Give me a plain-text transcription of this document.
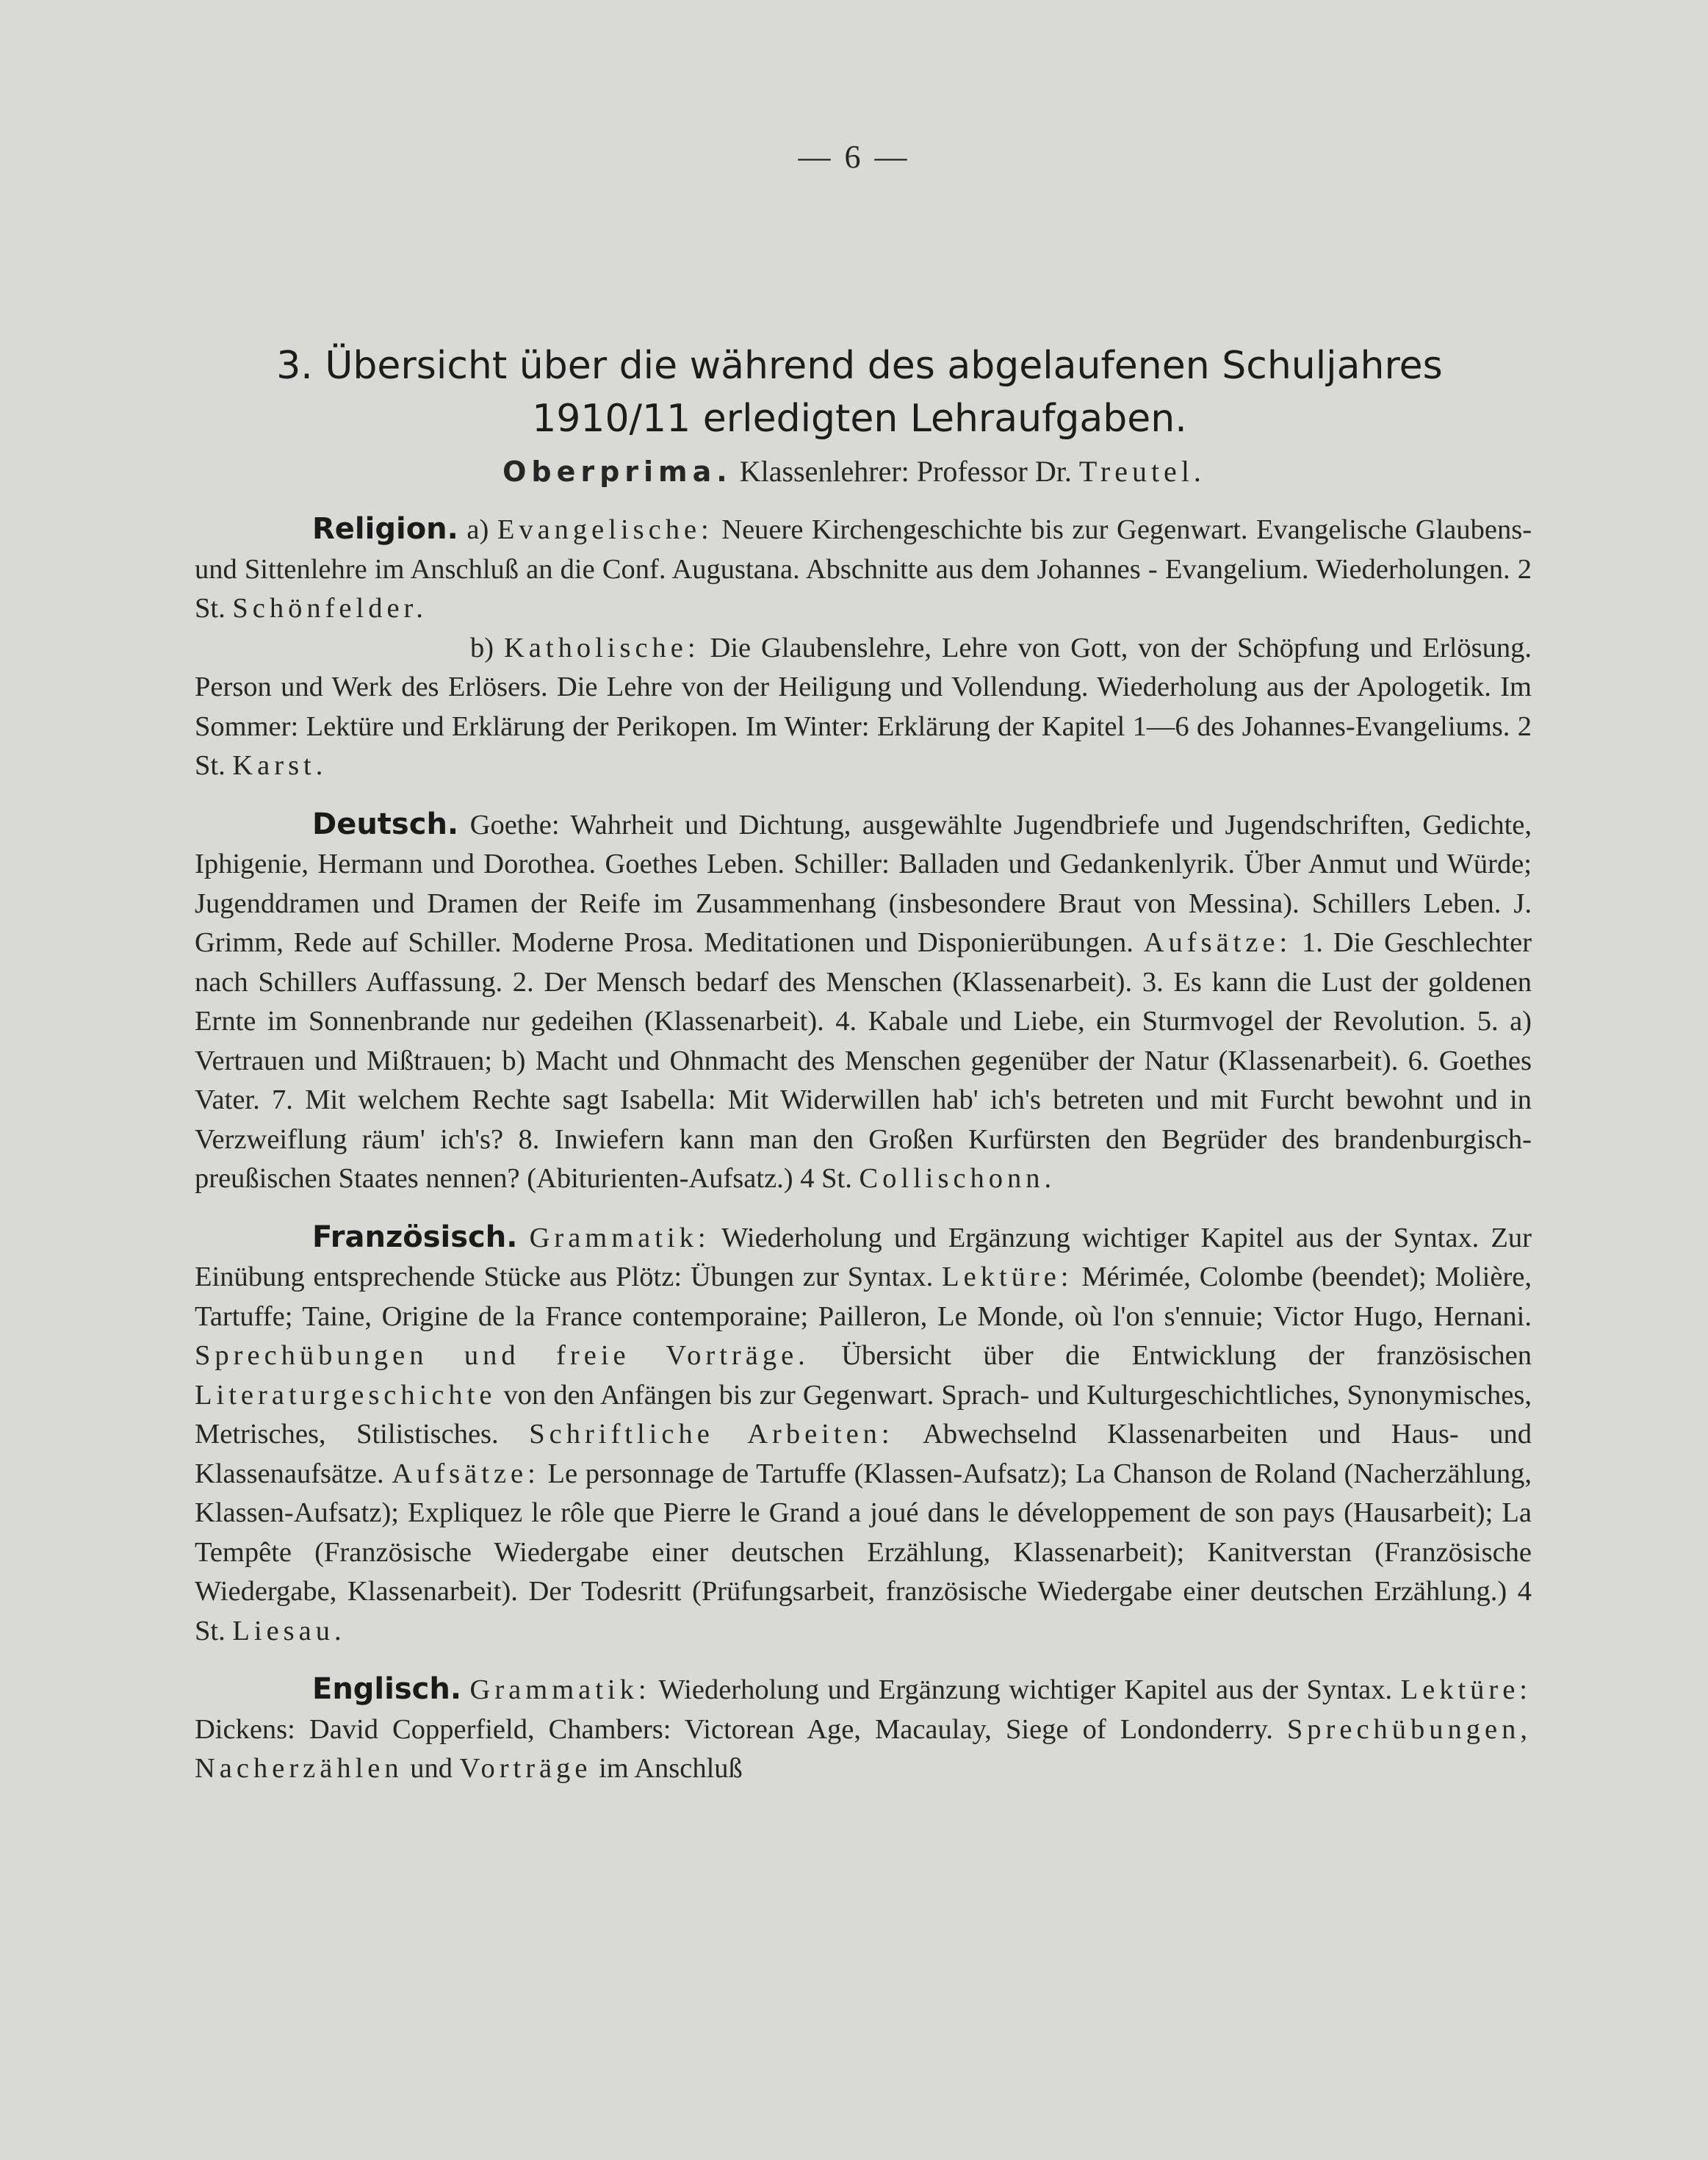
— 6 —
3. Übersicht über die während des abgelaufenen Schuljahres
1910/11 erledigten Lehraufgaben.
Oberprima. Klassenlehrer: Professor Dr. Treutel.

Religion. a) Evangelische: Neuere Kirchengeschichte bis zur Gegenwart. Evangelische Glaubens- und Sittenlehre im Anschluß an die Conf. Augustana. Abschnitte aus dem Johannes - Evangelium. Wiederholungen. 2 St. Schönfelder.

b) Katholische: Die Glaubenslehre, Lehre von Gott, von der Schöpfung und Erlösung. Person und Werk des Erlösers. Die Lehre von der Heiligung und Vollendung. Wiederholung aus der Apologetik. Im Sommer: Lektüre und Erklärung der Perikopen. Im Winter: Erklärung der Kapitel 1—6 des Johannes-Evangeliums. 2 St. Karst.

Deutsch. Goethe: Wahrheit und Dichtung, ausgewählte Jugendbriefe und Jugendschriften, Gedichte, Iphigenie, Hermann und Dorothea. Goethes Leben. Schiller: Balladen und Gedankenlyrik. Über Anmut und Würde; Jugenddramen und Dramen der Reife im Zusammenhang (insbesondere Braut von Messina). Schillers Leben. J. Grimm, Rede auf Schiller. Moderne Prosa. Meditationen und Disponierübungen. Aufsätze: 1. Die Geschlechter nach Schillers Auffassung. 2. Der Mensch bedarf des Menschen (Klassenarbeit). 3. Es kann die Lust der goldenen Ernte im Sonnenbrande nur gedeihen (Klassenarbeit). 4. Kabale und Liebe, ein Sturmvogel der Revolution. 5. a) Vertrauen und Mißtrauen; b) Macht und Ohnmacht des Menschen gegenüber der Natur (Klassenarbeit). 6. Goethes Vater. 7. Mit welchem Rechte sagt Isabella: Mit Widerwillen hab' ich's betreten und mit Furcht bewohnt und in Verzweiflung räum' ich's? 8. Inwiefern kann man den Großen Kurfürsten den Begrüder des brandenburgisch-preußischen Staates nennen? (Abiturienten-Aufsatz.) 4 St. Collischonn.

Französisch. Grammatik: Wiederholung und Ergänzung wichtiger Kapitel aus der Syntax. Zur Einübung entsprechende Stücke aus Plötz: Übungen zur Syntax. Lektüre: Mérimée, Colombe (beendet); Molière, Tartuffe; Taine, Origine de la France contemporaine; Pailleron, Le Monde, où l'on s'ennuie; Victor Hugo, Hernani. Sprechübungen und freie Vorträge. Übersicht über die Entwicklung der französischen Literaturgeschichte von den Anfängen bis zur Gegenwart. Sprach- und Kulturgeschichtliches, Synonymisches, Metrisches, Stilistisches. Schriftliche Arbeiten: Abwechselnd Klassenarbeiten und Haus- und Klassenaufsätze. Aufsätze: Le personnage de Tartuffe (Klassen-Aufsatz); La Chanson de Roland (Nacherzählung, Klassen-Aufsatz); Expliquez le rôle que Pierre le Grand a joué dans le développement de son pays (Hausarbeit); La Tempête (Französische Wiedergabe einer deutschen Erzählung, Klassenarbeit); Kanitverstan (Französische Wiedergabe, Klassenarbeit). Der Todesritt (Prüfungsarbeit, französische Wiedergabe einer deutschen Erzählung.) 4 St. Liesau.

Englisch. Grammatik: Wiederholung und Ergänzung wichtiger Kapitel aus der Syntax. Lektüre: Dickens: David Copperfield, Chambers: Victorean Age, Macaulay, Siege of Londonderry. Sprechübungen, Nacherzählen und Vorträge im Anschluß
